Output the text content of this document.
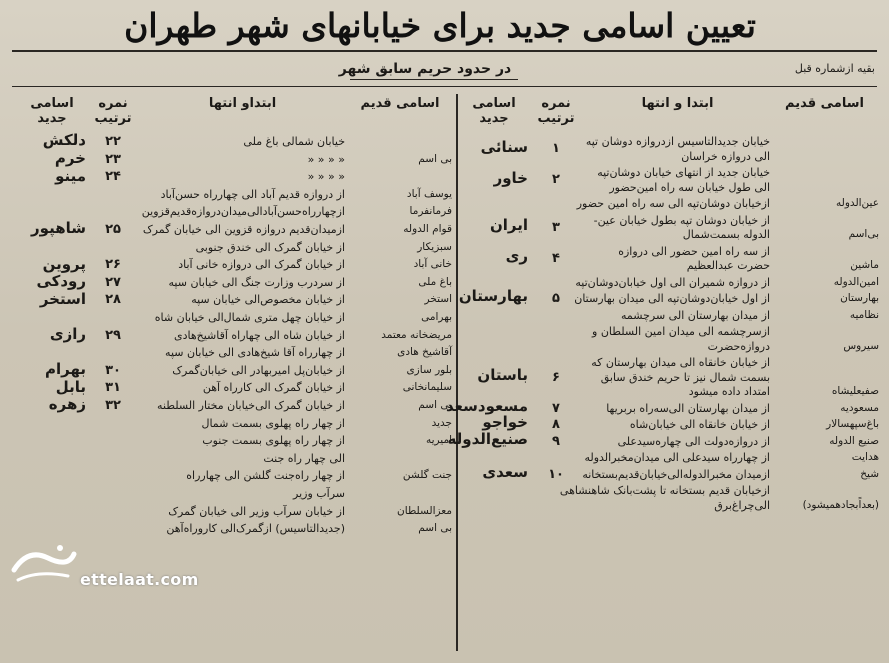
تعیین اسامی جدید برای خیابانهای شهر طهران
در حدود حریم سابق شهر	بقیه ازشماره قبل
اسامی قدیم
ابتدا و انتها
نمره ترتیب
اسامی جدید
اسامی قدیم
ابتداو انتها
نمره ترتیب
اسامی جدید
خیابان جدیدالتاسیس ازدروازه دوشان تپه
الی دروازه خراسان
۱
سنائی
خیابان جدید از انتهای خیابان دوشان‌تپه
الی طول خیابان سه راه امین‌حضور
۲
خاور
عین‌الدوله
ازخیابان دوشان‌تپه الی سه راه امین حضور
بی‌اسم
از خیابان دوشان تپه بطول خیابان عین-
الدوله بسمت‌شمال
۳
ایران
ماشین
از سه راه امین حضور الی دروازه
حضرت عبدالعظیم
۴
ری
امین‌الدوله
از دروازه شمیران الی اول خیابان‌دوشان‌تپه
بهارستان
از اول خیابان‌دوشان‌تپه الی میدان بهارستان
۵
بهارستان
نظامیه
از میدان بهارستان الی سرچشمه
سیروس
ازسرچشمه الی میدان امین السلطان و
دروازه‌حضرت
صفیعلیشاه
از خیابان خانقاه الی میدان بهارستان که
بسمت شمال نیز تا حریم خندق سابق
امتداد داده میشود
۶
باستان
مسعودیه
از میدان بهارستان الی‌سه‌راه بربریها
۷
مسعودسعد
باغ‌سپهسالار
از خیابان خانقاه الی خیابان‌شاه
۸
خواجو
صنیع الدوله
از دروازه‌دولت الی چهاره‌سیدعلی
۹
صنیع‌الدوله
هدایت
از چهارراه سیدعلی الی میدان‌مخبرالدوله
شیخ
ازمیدان مخبرالدوله‌الی‌خیابان‌قدیم‌بستخانه
۱۰
سعدی
(بعداًبجادهمیشود)
ازخیابان قدیم بستخانه تا پشت‌بانک شاهنشاهی
الی‌چراغ‌برق
خیابان شمالی باغ ملی
۲۲
دلکش
بی اسم
« « « «
۲۳
خرم
« « « «
۲۴
مینو
یوسف آباد
از دروازه قدیم آباد الی چهارراه حسن‌آباد
فرمانفرما
ازچهارراه‌حسن‌آبادالی‌میدان‌دروازه‌قدیم‌قزوین
قوام الدوله
ازمیدان‌قدیم دروازه قزوین الی خیابان گمرک
۲۵
شاهپور
سبزیکار
از خیابان گمرک الی خندق جنوبی
خانی آباد
از خیابان گمرک الی دروازه خانی آباد
۲۶
پروین
باغ ملی
از سردرب وزارت جنگ الی خیابان سپه
۲۷
رودکی
استخر
از خیابان مخصوص‌الی خیابان سپه
۲۸
استخر
بهرامی
از خیابان چهل متری شمال‌الی خیابان شاه
مریضخانه معتمد
از خیابان شاه الی چهاراه آقاشیخ‌هادی
۲۹
رازی
آقاشیخ هادی
از چهارراه آقا شیخ‌هادی الی خیابان سپه
بلور سازی
از خیابان‌پل امیربهادر الی خیابان‌گمرک
۳۰
بهرام
سلیمانخانی
از خیابان گمرک الی کارراه آهن
۳۱
بابل
بی اسم
از خیابان گمرک الی‌خیابان مختار السلطنه
۳۲
زهره
جدید
از چهار راه پهلوی بسمت شمال
امیریه
از چهار راه پهلوی بسمت جنوب
الی چهار راه جنت
جنت گلشن
از چهار راه‌جنت گلشن الی چهارراه
سرآب وزیر
معزالسلطان
از خیابان سرآب وزیر الی خیابان گمرک
بی اسم
(جدیدالتاسیس) ازگمرک‌الی کاروراه‌آهن
ettelaat.com
